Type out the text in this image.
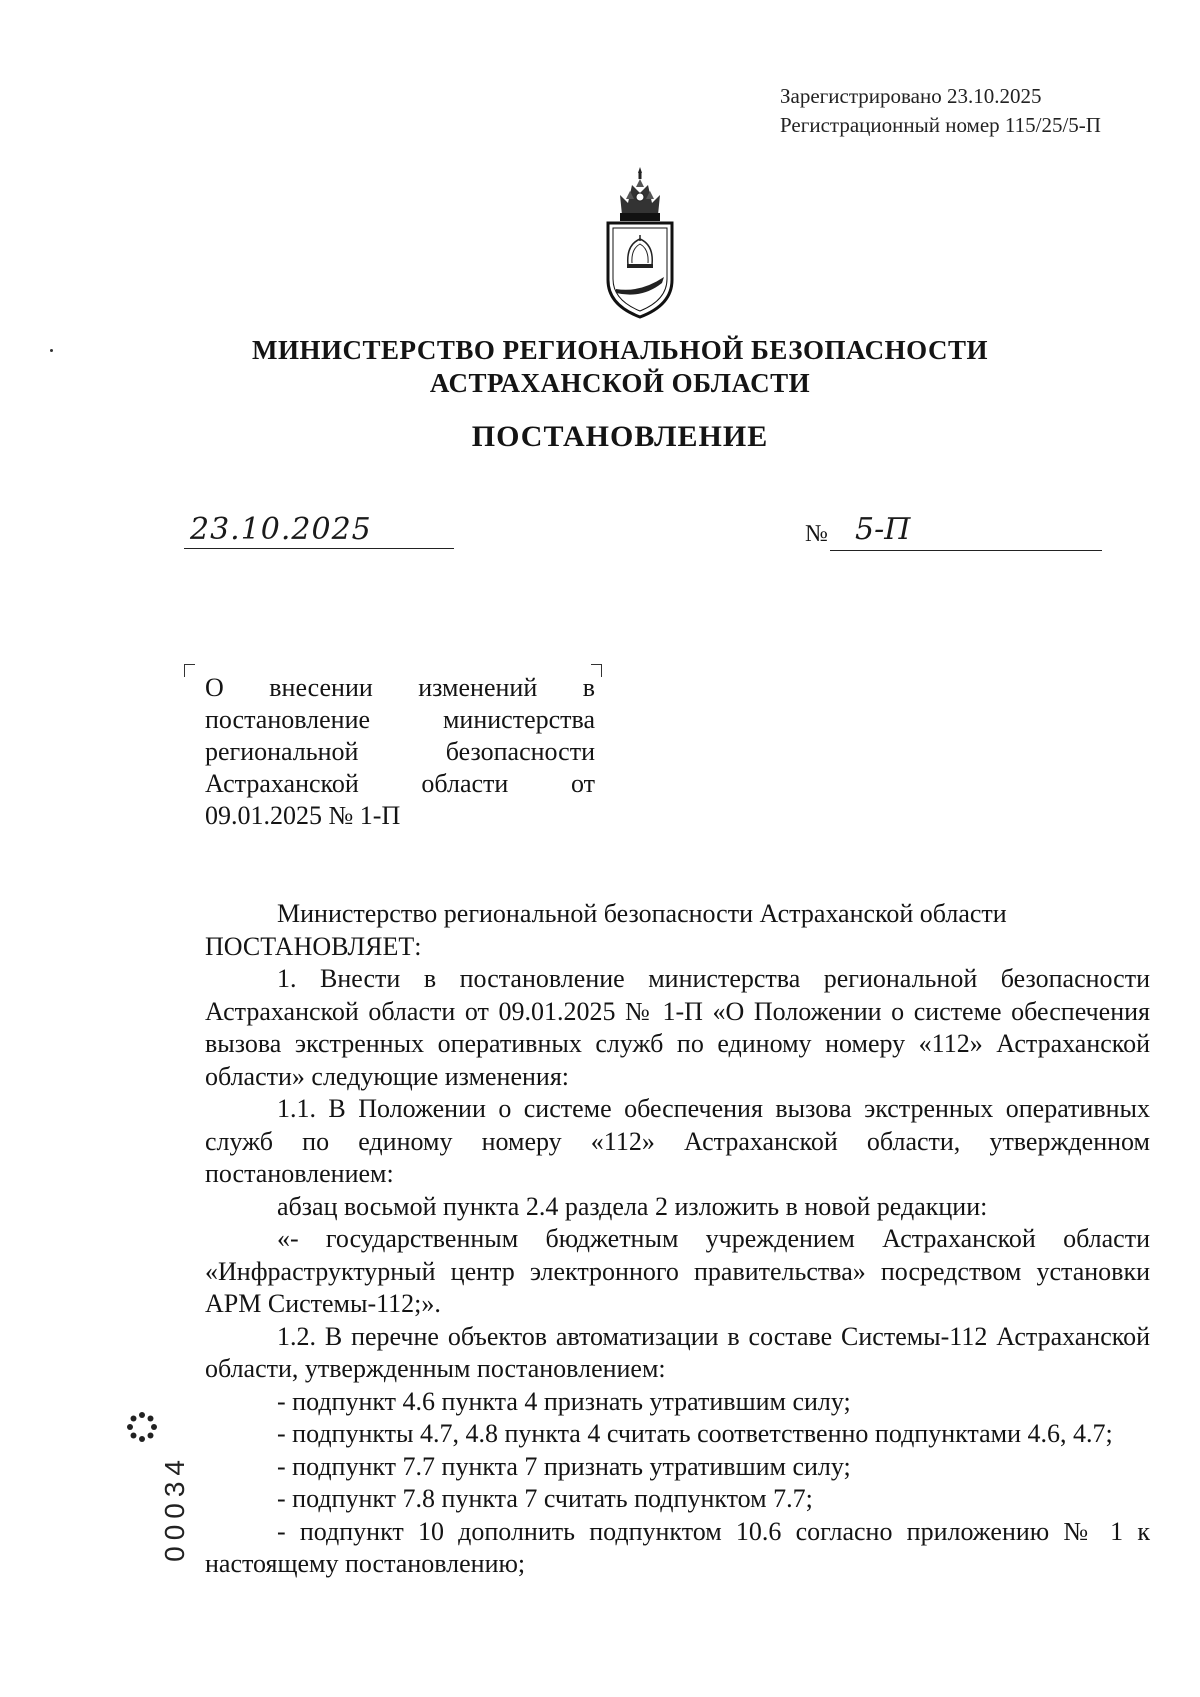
Зарегистрировано 23.10.2025
Регистрационный номер 115/25/5-П
МИНИСТЕРСТВО РЕГИОНАЛЬНОЙ БЕЗОПАСНОСТИ
АСТРАХАНСКОЙ ОБЛАСТИ
ПОСТАНОВЛЕНИЕ
23.10.2025	№ 5-П
О внесении изменений в постановление министерства региональной безопасности Астраханской области от 09.01.2025 № 1-П

Министерство региональной безопасности Астраханской области

ПОСТАНОВЛЯЕТ:

1. Внести в постановление министерства региональной безопасности Астраханской области от 09.01.2025 № 1-П «О Положении о системе обеспечения вызова экстренных оперативных служб по единому номеру «112» Астраханской области» следующие изменения:

1.1. В Положении о системе обеспечения вызова экстренных оперативных служб по единому номеру «112» Астраханской области, утвержденном постановлением:

абзац восьмой пункта 2.4 раздела 2 изложить в новой редакции:

«- государственным бюджетным учреждением Астраханской области «Инфраструктурный центр электронного правительства» посредством установки АРМ Системы-112;».

1.2. В перечне объектов автоматизации в составе Системы-112 Астраханской области, утвержденным постановлением:

- подпункт 4.6 пункта 4 признать утратившим силу;

- подпункты 4.7, 4.8 пункта 4 считать соответственно подпунктами 4.6, 4.7;

- подпункт 7.7 пункта 7 признать утратившим силу;

- подпункт 7.8 пункта 7 считать подпунктом 7.7;

- подпункт 10 дополнить подпунктом 10.6 согласно приложению № 1 к настоящему постановлению;

00034
